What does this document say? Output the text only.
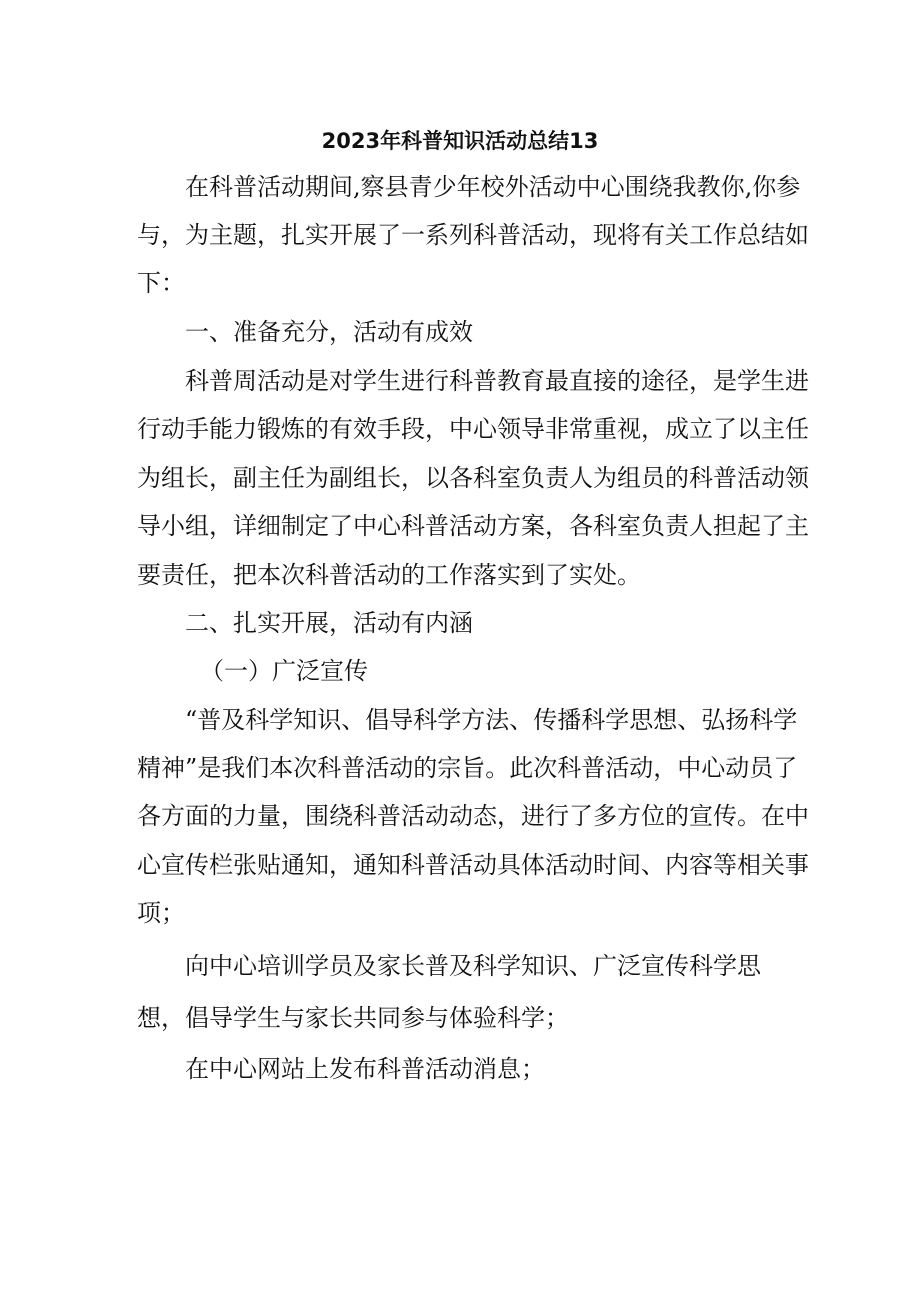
2023年科普知识活动总结13

在科普活动期间,察县青少年校外活动中心围绕我教你,你参

与，为主题，扎实开展了一系列科普活动，现将有关工作总结如

下：

一、准备充分，活动有成效

科普周活动是对学生进行科普教育最直接的途径，是学生进

行动手能力锻炼的有效手段，中心领导非常重视，成立了以主任

为组长，副主任为副组长，以各科室负责人为组员的科普活动领

导小组，详细制定了中心科普活动方案，各科室负责人担起了主

要责任，把本次科普活动的工作落实到了实处。

二、扎实开展，活动有内涵

（一）广泛宣传

“普及科学知识、倡导科学方法、传播科学思想、弘扬科学

精神”是我们本次科普活动的宗旨。此次科普活动，中心动员了

各方面的力量，围绕科普活动动态，进行了多方位的宣传。在中

心宣传栏张贴通知，通知科普活动具体活动时间、内容等相关事

项；

向中心培训学员及家长普及科学知识、广泛宣传科学思

想，倡导学生与家长共同参与体验科学；

在中心网站上发布科普活动消息；
